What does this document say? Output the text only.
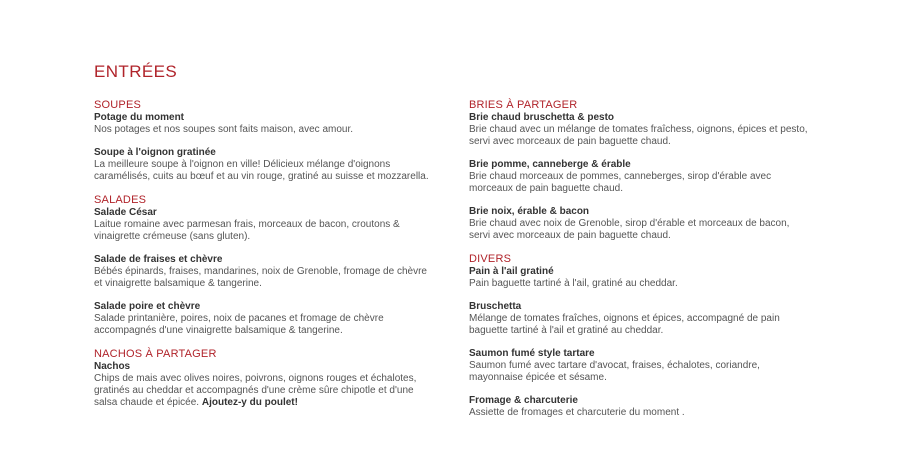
ENTRÉES
SOUPES
Potage du moment
Nos potages et nos soupes sont faits maison, avec amour.
Soupe à l'oignon gratinée
La meilleure soupe à l'oignon en ville! Délicieux mélange d'oignons caramélisés, cuits au bœuf et au vin rouge, gratiné au suisse et mozzarella.
SALADES
Salade César
Laitue romaine avec parmesan frais, morceaux de bacon, croutons & vinaigrette crémeuse (sans gluten).
Salade de fraises et chèvre
Bébés épinards, fraises, mandarines, noix de Grenoble, fromage de chèvre et vinaigrette balsamique & tangerine.
Salade poire et chèvre
Salade printanière, poires, noix de pacanes et fromage de chèvre accompagnés d'une vinaigrette balsamique & tangerine.
NACHOS À PARTAGER
Nachos
Chips de mais avec olives noires, poivrons, oignons rouges et échalotes, gratinés au cheddar et accompagnés d'une crème sûre chipotle et d'une salsa chaude et épicée. Ajoutez-y du poulet!
BRIES À PARTAGER
Brie chaud bruschetta & pesto
Brie chaud avec un mélange de tomates fraîchess, oignons, épices et pesto, servi avec morceaux de pain baguette chaud.
Brie pomme, canneberge & érable
Brie chaud morceaux de pommes, canneberges, sirop d'érable avec morceaux de pain baguette chaud.
Brie noix, érable & bacon
Brie chaud avec noix de Grenoble, sirop d'érable et morceaux de bacon, servi avec morceaux de pain baguette chaud.
DIVERS
Pain à l'ail gratiné
Pain baguette tartiné à l'ail, gratiné au cheddar.
Bruschetta
Mélange de tomates fraîches, oignons et épices, accompagné de pain baguette tartiné à l'ail et gratiné au cheddar.
Saumon fumé style tartare
Saumon fumé avec tartare d'avocat, fraises, échalotes, coriandre, mayonnaise épicée et sésame.
Fromage & charcuterie
Assiette de fromages et charcuterie du moment .
